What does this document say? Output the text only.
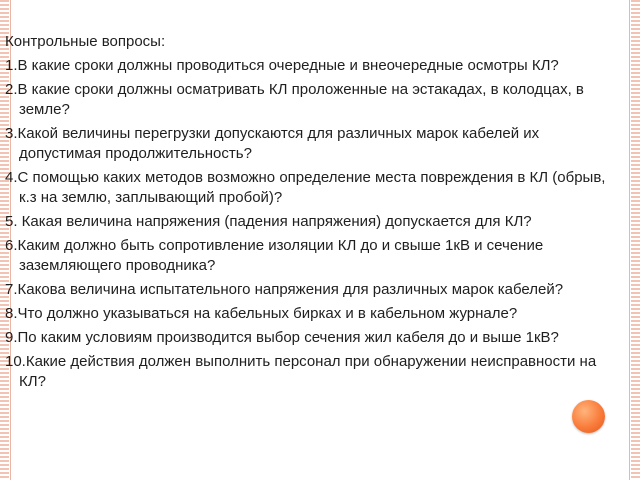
Контрольные вопросы:

1.В какие сроки должны проводиться очередные и внеочередные осмотры КЛ?
2.В какие сроки должны осматривать КЛ проложенные на эстакадах, в колодцах, в земле?
3.Какой величины перегрузки допускаются для различных марок кабелей их допустимая продолжительность?
4.С помощью каких методов возможно определение места повреждения в КЛ (обрыв, к.з на землю, заплывающий пробой)?
5. Какая величина напряжения (падения напряжения) допускается для КЛ?
6.Каким должно быть сопротивление изоляции КЛ до и свыше 1кВ и сечение заземляющего проводника?
7.Какова величина испытательного напряжения для различных марок кабелей?
8.Что должно указываться на кабельных бирках и в кабельном журнале?
9.По каким условиям производится выбор сечения жил кабеля до и выше 1кВ?
10.Какие действия должен выполнить персонал при обнаружении неисправности на КЛ?
